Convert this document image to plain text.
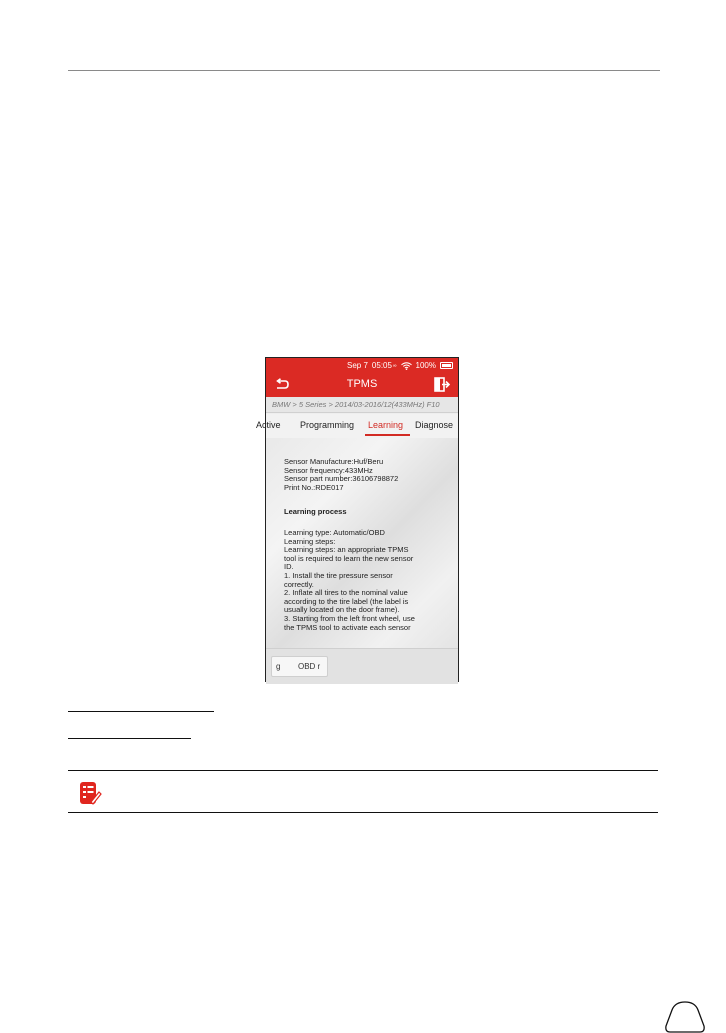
Sep 7 05:05 ∞ 100%
TPMS
BMW > 5 Series > 2014/03-2016/12(433MHz) F10
Active Programming Learning Diagnose
Sensor Manufacture:Huf/Beru
Sensor frequency:433MHz
Sensor part number:36106798872
Print No.:RDE017
Learning process
Learning type: Automatic/OBD
Learning steps:
Learning steps: an appropriate TPMS
tool is required to learn the new sensor
ID.
1. Install the tire pressure sensor
correctly.
2. Inflate all tires to the nominal value
according to the tire label (the label is
usually located on the door frame).
3. Starting from the left front wheel, use
the TPMS tool to activate each sensor
g OBD r
